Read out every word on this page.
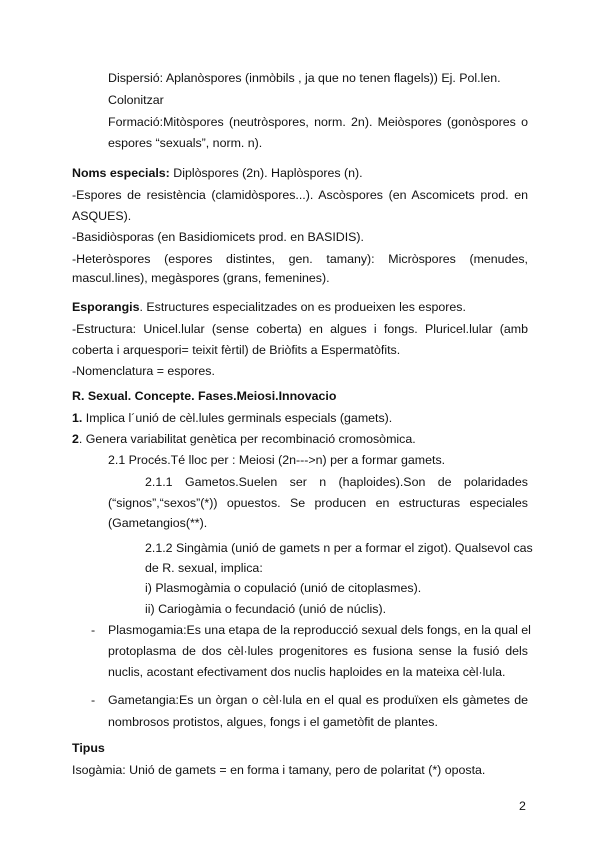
Dispersió: Aplanòspores (inmòbils , ja que no tenen flagels)) Ej. Pol.len.
Colonitzar
Formació:Mitòspores (neutròspores, norm. 2n). Meiòspores (gonòspores o
espores “sexuals”, norm. n).
Noms especials: Diplòspores (2n). Haplòspores (n).
-Espores de resistència (clamidòspores...). Ascòspores (en Ascomicets prod. en
ASQUES).
-Basidiòsporas (en Basidiomicets prod. en BASIDIS).
-Heteròspores (espores distintes, gen. tamany): Micròspores (menudes,
mascul.lines), megàspores (grans, femenines).
Esporangis. Estructures especialitzades on es produeixen les espores.
-Estructura: Unicel.lular (sense coberta) en algues i fongs. Pluricel.lular (amb
coberta i arquespori= teixit fèrtil) de Briòfits a Espermatòfits.
-Nomenclatura = espores.
R. Sexual. Concepte. Fases.Meiosi.Innovacio
1. Implica l´unió de cèl.lules germinals especials (gamets).
2. Genera variabilitat genètica per recombinació cromosòmica.
2.1 Procés.Té lloc per : Meiosi (2n--->n) per a formar gamets.
2.1.1 Gametos.Suelen ser n (haploides).Son de polaridades
(“signos”,“sexos”(*)) opuestos. Se producen en estructuras especiales
(Gametangios(**).
2.1.2 Singàmia (unió de gamets n per a formar el zigot). Qualsevol cas
de R. sexual, implica:
i) Plasmogàmia o copulació (unió de citoplasmes).
ii) Cariogàmia o fecundació (unió de núclis).
- Plasmogamia:Es una etapa de la reproducció sexual dels fongs, en la qual el
protoplasma de dos cèl·lules progenitores es fusiona sense la fusió dels
nuclis, acostant efectivament dos nuclis haploides en la mateixa cèl·lula.
- Gametangia:Es un òrgan o cèl·lula en el qual es produïxen els gàmetes de
nombrosos protistos, algues, fongs i el gametòfit de plantes.
Tipus
Isogàmia: Unió de gamets = en forma i tamany, pero de polaritat (*) oposta.
2
